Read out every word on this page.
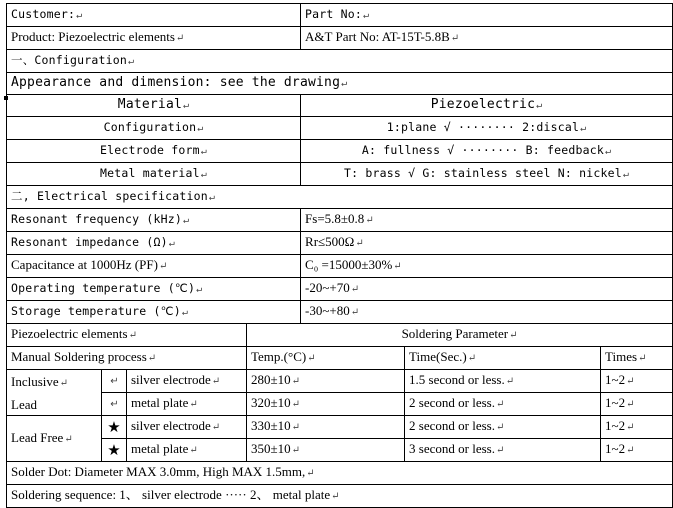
Customer:↵				Part No:↵		
Product: Piezoelectric elements↵				A&T Part No: AT-15T-5.8B↵		
一、Configuration↵						
Appearance and dimension: see the drawing↵						
Material↵				Piezoelectric↵		
Configuration↵				1:plane √ ········ 2:discal↵		
Electrode form↵				A: fullness √ ········ B: feedback↵		
Metal material↵				T: brass √ G: stainless steel N: nickel↵		
二, Electrical specification↵						
Resonant frequency (kHz)↵				Fs=5.8±0.8↵		
Resonant impedance (Ω)↵				Rr≤500Ω↵		
Capacitance at 1000Hz (PF)↵				C₀ =15000±30%↵		
Operating temperature (℃)↵				-20~+70↵		
Storage temperature (℃)↵				-30~+80↵		
Piezoelectric elements↵			Soldering Parameter↵			
Manual Soldering process↵			Temp.(°C)↵		Time(Sec.)↵	Times↵
Inclusive↵
Lead	↵	silver electrode↵	280±10↵		1.5 second or less.↵	1~2↵
	↵	metal plate↵	320±10↵		2 second or less.↵	1~2↵
Lead Free↵	★	silver electrode↵	330±10↵		2 second or less.↵	1~2↵
	★	metal plate↵	350±10↵		3 second or less.↵	1~2↵
Solder Dot: Diameter MAX 3.0mm, High MAX 1.5mm,↵						
Soldering sequence: 1、 silver electrode ····· 2、 metal plate↵						
